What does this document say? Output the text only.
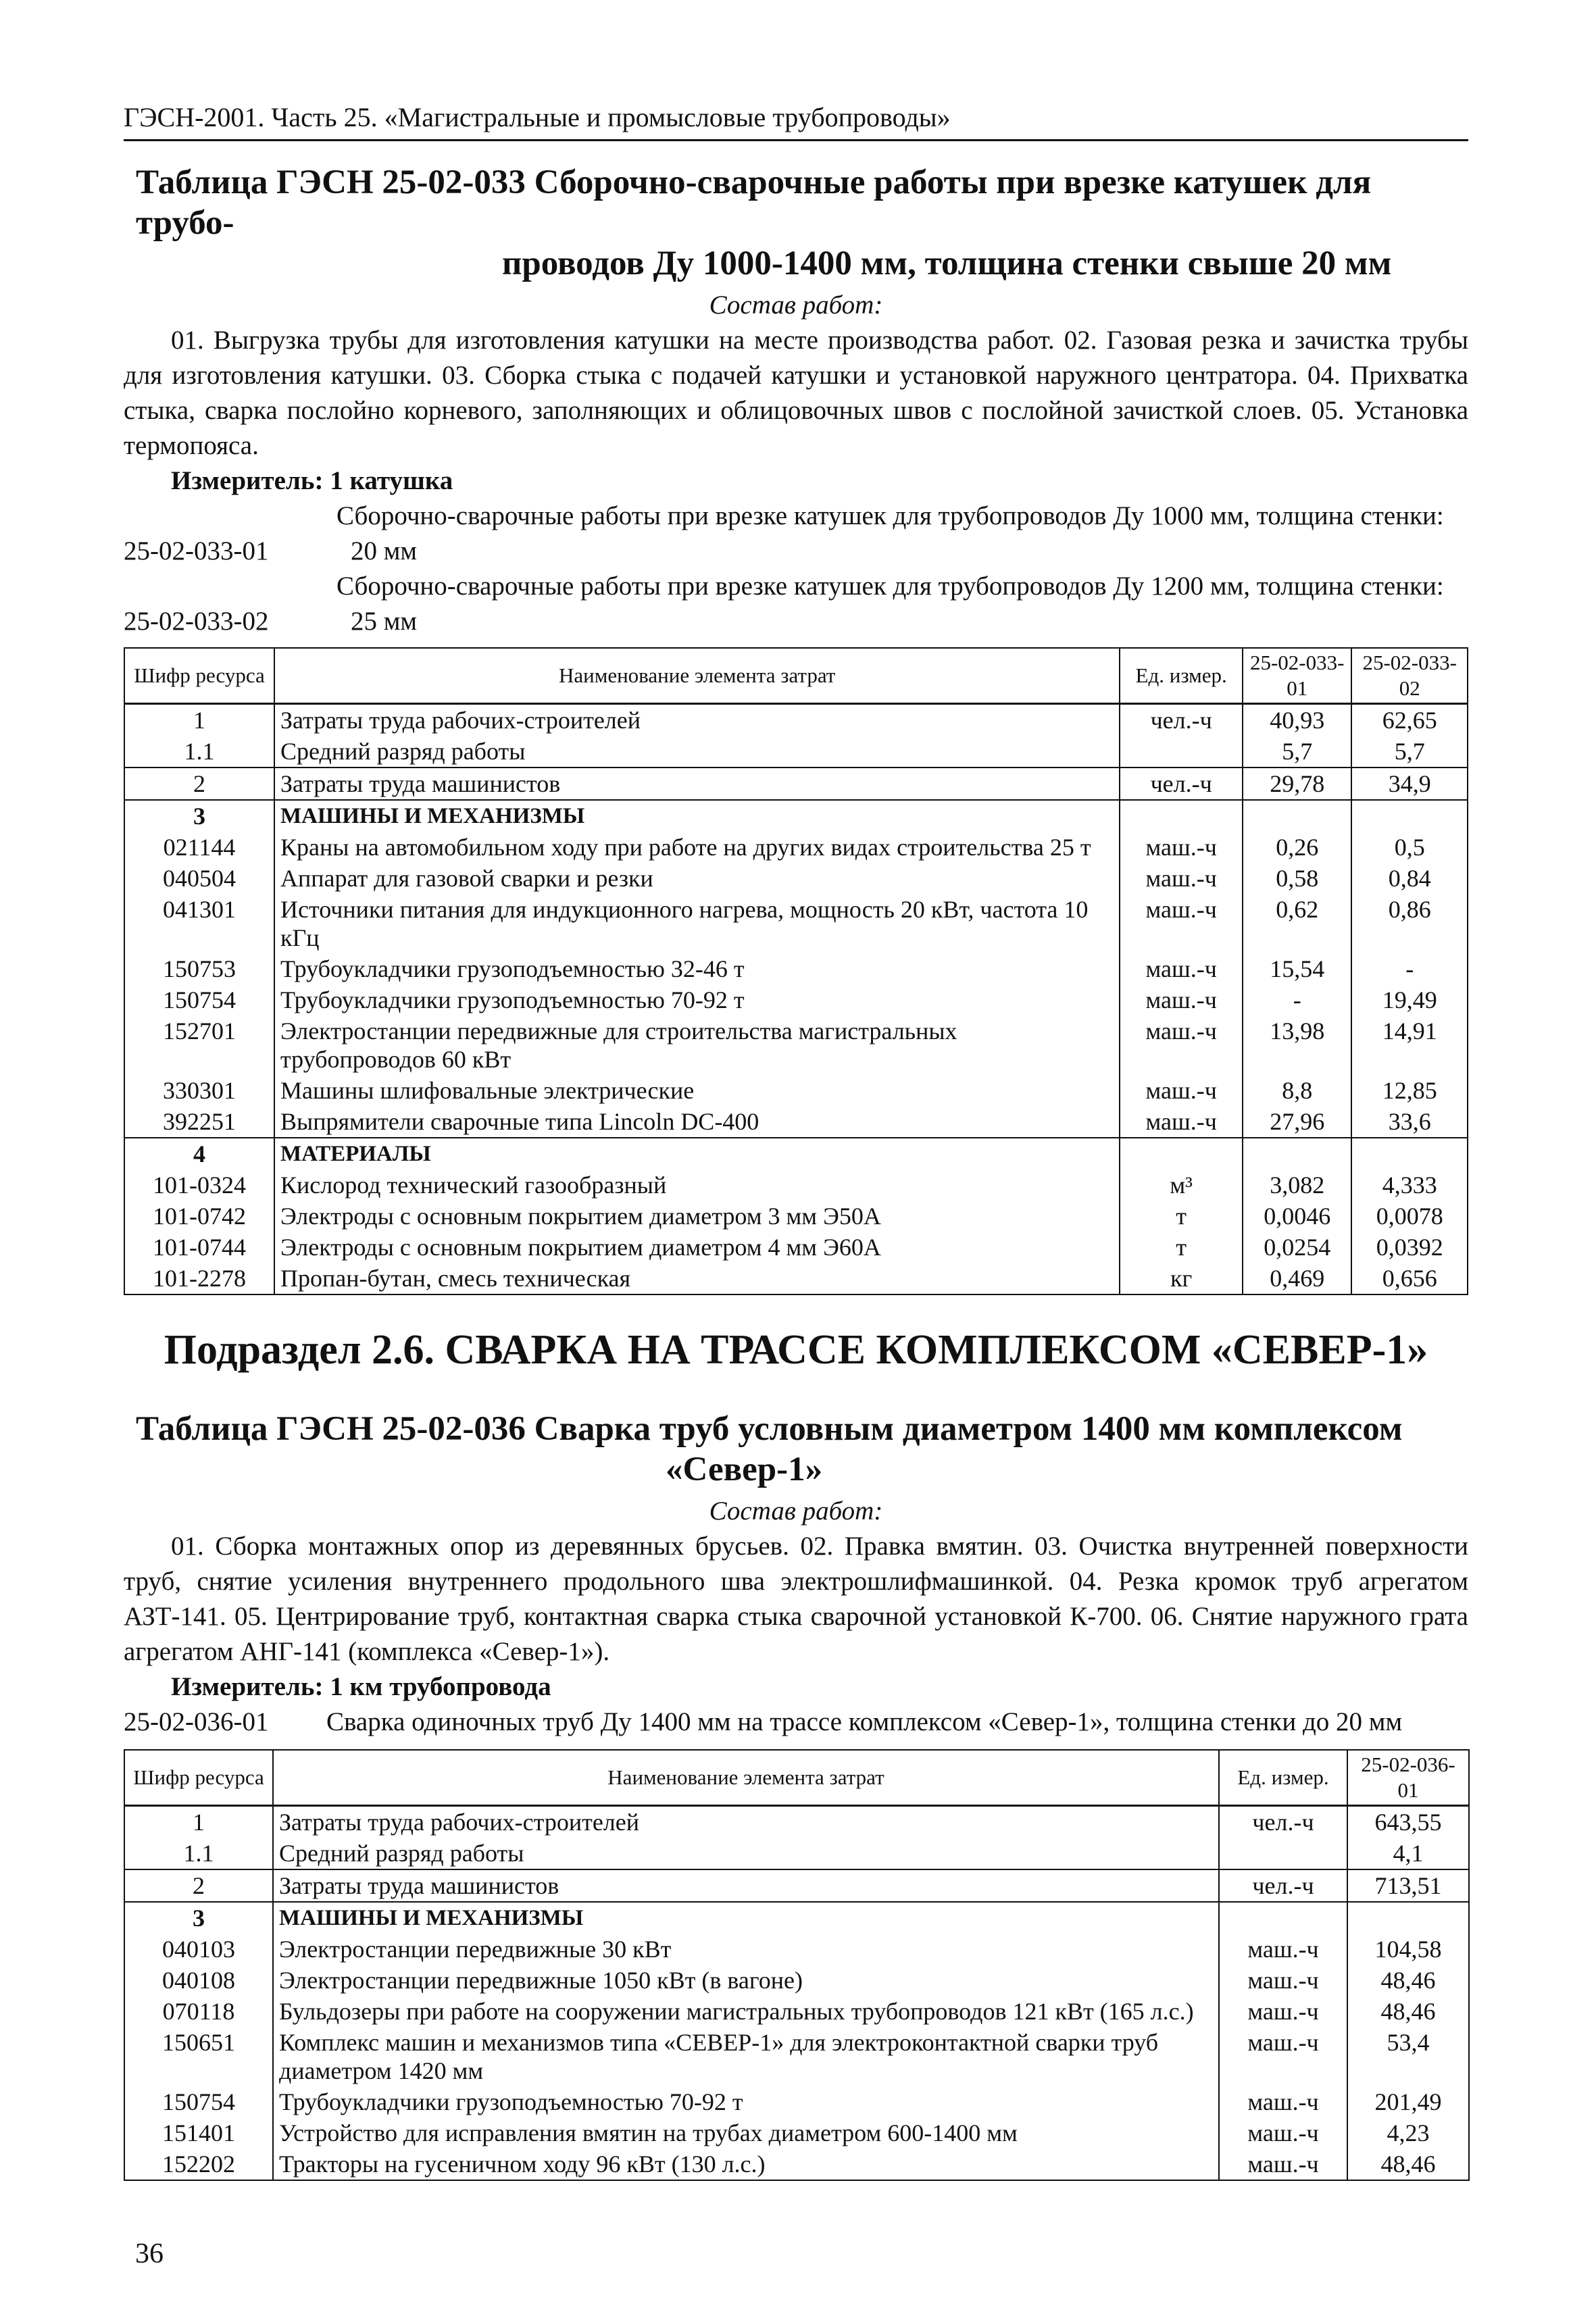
ГЭСН-2001. Часть 25. «Магистральные и промысловые трубопроводы»
Таблица ГЭСН 25-02-033 Сборочно-сварочные работы при врезке катушек для трубо-
проводов Ду 1000-1400 мм, толщина стенки свыше 20 мм
Состав работ:
01. Выгрузка трубы для изготовления катушки на месте производства работ. 02. Газовая резка и зачистка трубы для изготовления катушки. 03. Сборка стыка с подачей катушки и установкой наружного центратора. 04. Прихватка стыка, сварка послойно корневого, заполняющих и облицовочных швов с послойной зачисткой слоев. 05. Установка термопояса.
Измеритель: 1 катушка
Сборочно-сварочные работы при врезке катушек для трубопроводов Ду 1000 мм, толщина стенки:
25-02-033-01	20 мм
Сборочно-сварочные работы при врезке катушек для трубопроводов Ду 1200 мм, толщина стенки:
25-02-033-02	25 мм
Шифр ресурса	Наименование элемента затрат	Ед. измер.	25-02-033-01	25-02-033-02
1	Затраты труда рабочих-строителей	чел.-ч	40,93	62,65
1.1	Средний разряд работы		5,7	5,7
2	Затраты труда машинистов	чел.-ч	29,78	34,9
3	МАШИНЫ И МЕХАНИЗМЫ			
021144	Краны на автомобильном ходу при работе на других видах строительства 25 т	маш.-ч	0,26	0,5
040504	Аппарат для газовой сварки и резки	маш.-ч	0,58	0,84
041301	Источники питания для индукционного нагрева, мощность 20 кВт, частота 10 кГц	маш.-ч	0,62	0,86
150753	Трубоукладчики грузоподъемностью 32-46 т	маш.-ч	15,54	-
150754	Трубоукладчики грузоподъемностью 70-92 т	маш.-ч	-	19,49
152701	Электростанции передвижные для строительства магистральных трубопроводов 60 кВт	маш.-ч	13,98	14,91
330301	Машины шлифовальные электрические	маш.-ч	8,8	12,85
392251	Выпрямители сварочные типа Lincoln DC-400	маш.-ч	27,96	33,6
4	МАТЕРИАЛЫ			
101-0324	Кислород технический газообразный	м³	3,082	4,333
101-0742	Электроды с основным покрытием диаметром 3 мм Э50А	т	0,0046	0,0078
101-0744	Электроды с основным покрытием диаметром 4 мм Э60А	т	0,0254	0,0392
101-2278	Пропан-бутан, смесь техническая	кг	0,469	0,656
Подраздел 2.6. СВАРКА НА ТРАССЕ КОМПЛЕКСОМ «СЕВЕР-1»
Таблица ГЭСН 25-02-036 Сварка труб условным диаметром 1400 мм комплексом
«Север-1»
Состав работ:
01. Сборка монтажных опор из деревянных брусьев. 02. Правка вмятин. 03. Очистка внутренней поверхности труб, снятие усиления внутреннего продольного шва электрошлифмашинкой. 04. Резка кромок труб агрегатом АЗТ-141. 05. Центрирование труб, контактная сварка стыка сварочной установкой К-700. 06. Снятие наружного грата агрегатом АНГ-141 (комплекса «Север-1»).
Измеритель: 1 км трубопровода
25-02-036-01 Сварка одиночных труб Ду 1400 мм на трассе комплексом «Север-1», толщина стенки до 20 мм
Шифр ресурса	Наименование элемента затрат	Ед. измер.	25-02-036-01
1	Затраты труда рабочих-строителей	чел.-ч	643,55
1.1	Средний разряд работы		4,1
2	Затраты труда машинистов	чел.-ч	713,51
3	МАШИНЫ И МЕХАНИЗМЫ		
040103	Электростанции передвижные 30 кВт	маш.-ч	104,58
040108	Электростанции передвижные 1050 кВт (в вагоне)	маш.-ч	48,46
070118	Бульдозеры при работе на сооружении магистральных трубопроводов 121 кВт (165 л.с.)	маш.-ч	48,46
150651	Комплекс машин и механизмов типа «СЕВЕР-1» для электроконтактной сварки труб диаметром 1420 мм	маш.-ч	53,4
150754	Трубоукладчики грузоподъемностью 70-92 т	маш.-ч	201,49
151401	Устройство для исправления вмятин на трубах диаметром 600-1400 мм	маш.-ч	4,23
152202	Тракторы на гусеничном ходу 96 кВт (130 л.с.)	маш.-ч	48,46
36
